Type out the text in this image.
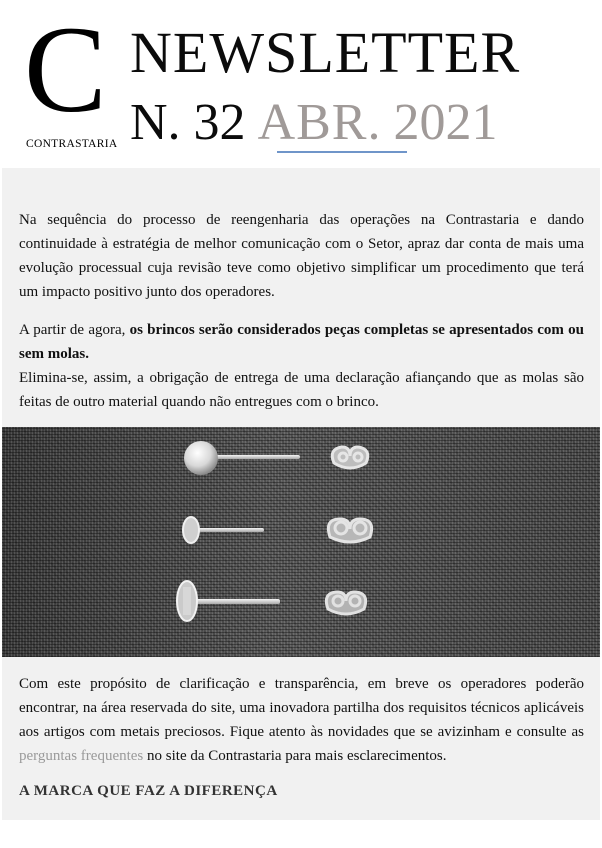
C
CONTRASTARIA
NEWSLETTER
N. 32 ABR. 2021

Na sequência do processo de reengenharia das operações na Contrastaria e dando continuidade à estratégia de melhor comunicação com o Setor, apraz dar conta de mais uma evolução processual cuja revisão teve como objetivo simplificar um procedimento que terá um impacto positivo junto dos operadores.

A partir de agora, os brincos serão considerados peças completas se apresentados com ou sem molas.

Elimina-se, assim, a obrigação de entrega de uma declaração afiançando que as molas são feitas de outro material quando não entregues com o brinco.

Com este propósito de clarificação e transparência, em breve os operadores poderão encontrar, na área reservada do site, uma inovadora partilha dos requisitos técnicos aplicáveis aos artigos com metais preciosos. Fique atento às novidades que se avizinham e consulte as perguntas frequentes no site da Contrastaria para mais esclarecimentos.

A MARCA QUE FAZ A DIFERENÇA
